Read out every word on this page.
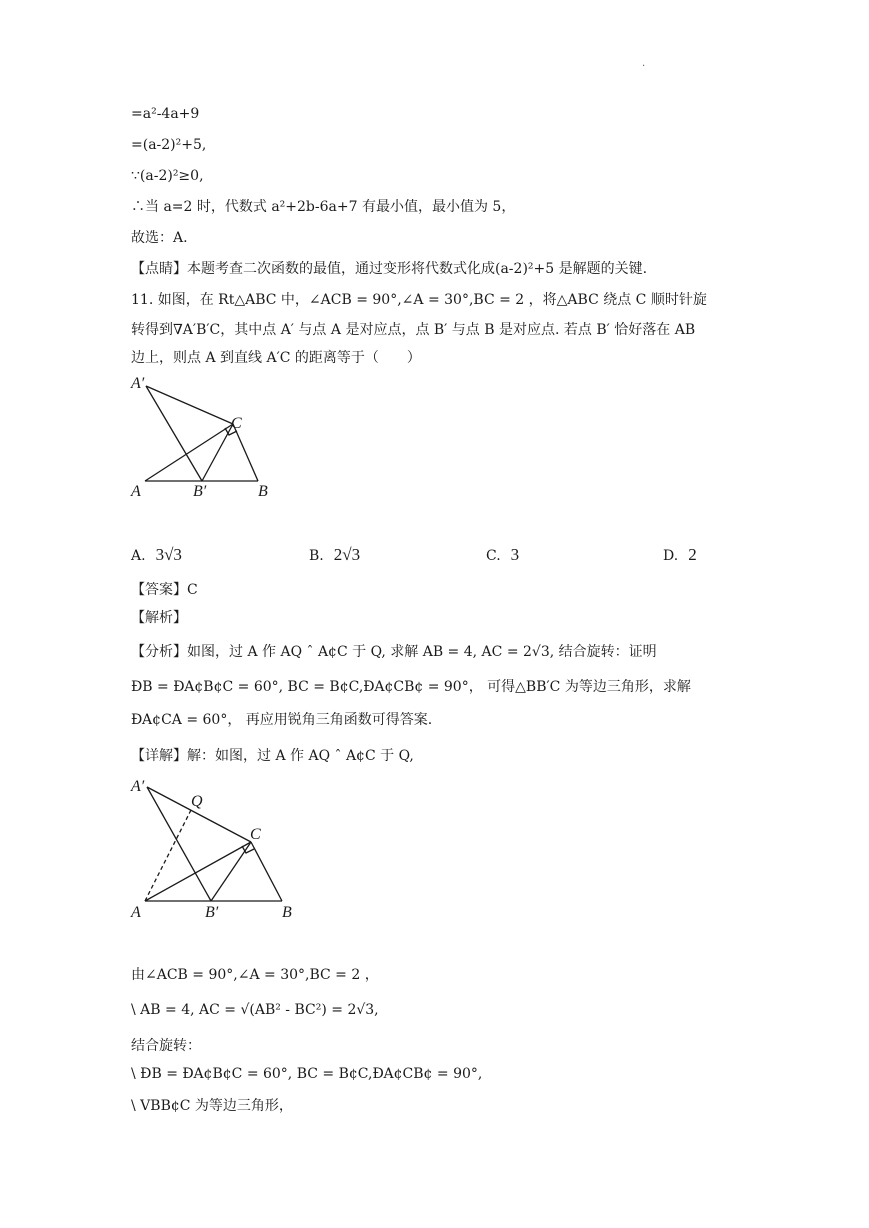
.
=a²-4a+9
=(a-2)²+5,
∵(a-2)²≥0,
∴当 a=2 时，代数式 a²+2b-6a+7 有最小值，最小值为 5，
故选：A.
【点睛】本题考查二次函数的最值，通过变形将代数式化成(a-2)²+5 是解题的关键.
11. 如图，在 Rt△ABC 中，∠ACB = 90°,∠A = 30°,BC = 2 ，将△ABC 绕点 C 顺时针旋
转得到∇A′B′C，其中点 A′ 与点 A 是对应点，点 B′ 与点 B 是对应点. 若点 B′ 恰好落在 AB
边上，则点 A 到直线 A′C 的距离等于（　　）
A′
C
A	B′	B
A. 3√3	B. 2√3	C. 3	D. 2
【答案】C
【解析】
【分析】如图，过 A 作 AQ ˆ A¢C 于 Q, 求解 AB = 4, AC = 2√3, 结合旋转：证明
ÐB = ÐA¢B¢C = 60°, BC = B¢C,ÐA¢CB¢ = 90°， 可得△BB′C 为等边三角形，求解
ÐA¢CA = 60°， 再应用锐角三角函数可得答案.
【详解】解：如图，过 A 作 AQ ˆ A¢C 于 Q,
A′
Q
C
A	B′	B
由∠ACB = 90°,∠A = 30°,BC = 2 ，
\ AB = 4, AC = √(AB² - BC²) = 2√3,
结合旋转：
\ ÐB = ÐA¢B¢C = 60°, BC = B¢C,ÐA¢CB¢ = 90°,
\ VBB¢C 为等边三角形，
